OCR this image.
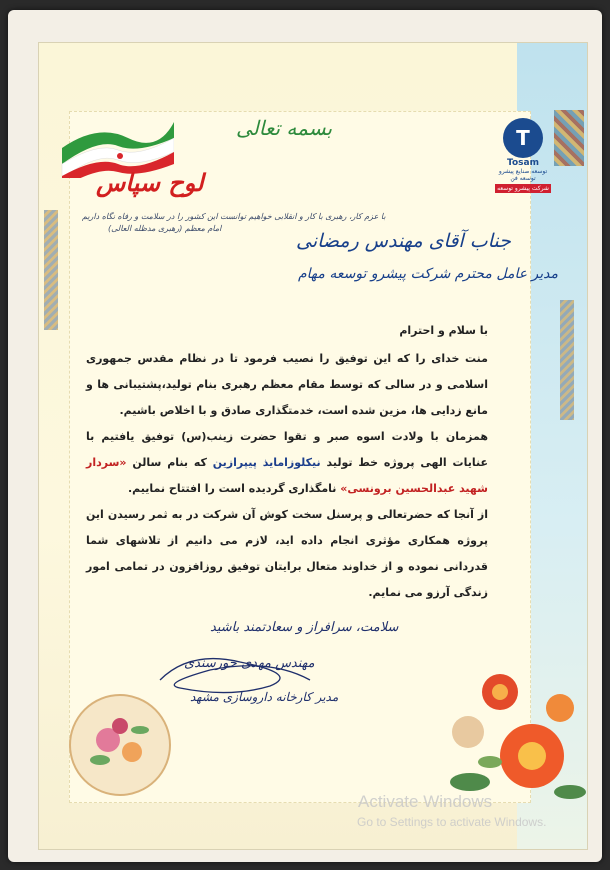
لوح سپاس
بسمه تعالی
با عزم کار، رهبری با کار و انقلابی خواهیم توانست این کشور را در سلامت و رفاه نگاه داریم
امام معظم (رهبری مدظله العالی)
T
Tosam
توسعه صنایع پیشرو توسعه فن
شرکت پیشرو توسعه
جناب آقای مهندس رمضانی
مدیر عامل محترم شرکت پیشرو توسعه مهام

با سلام و احترام

منت خدای را که این توفیق را نصیب فرمود تا در نظام مقدس جمهوری اسلامی و در سالی که توسط مقام معظم رهبری بنام تولید،پشتیبانی ها و مانع زدایی ها، مزین شده است، خدمتگذاری صادق و با اخلاص باشیم.

همزمان با ولادت اسوه صبر و تقوا حضرت زینب(س) توفیق یافتیم با عنایات الهی پروژه خط تولید نیکلوزامایذ پیپرازین که بنام سالن «سردار شهید عبدالحسین برونسی» نامگذاری گردیده است را افتتاح نماییم.

از آنجا که حضرتعالی و پرسنل سخت کوش آن شرکت در به ثمر رسیدن این پروژه همکاری مؤثری انجام داده اید، لازم می دانیم از تلاشهای شما قدردانی نموده و از خداوند متعال برایتان توفیق روزافزون در تمامی امور زندگی آرزو می نمایم.

سلامت، سرافراز و سعادتمند باشید
مهندس مهدی خورسندی
مدیر کارخانه داروسازی مشهد
Activate Windows
Go to Settings to activate Windows.
